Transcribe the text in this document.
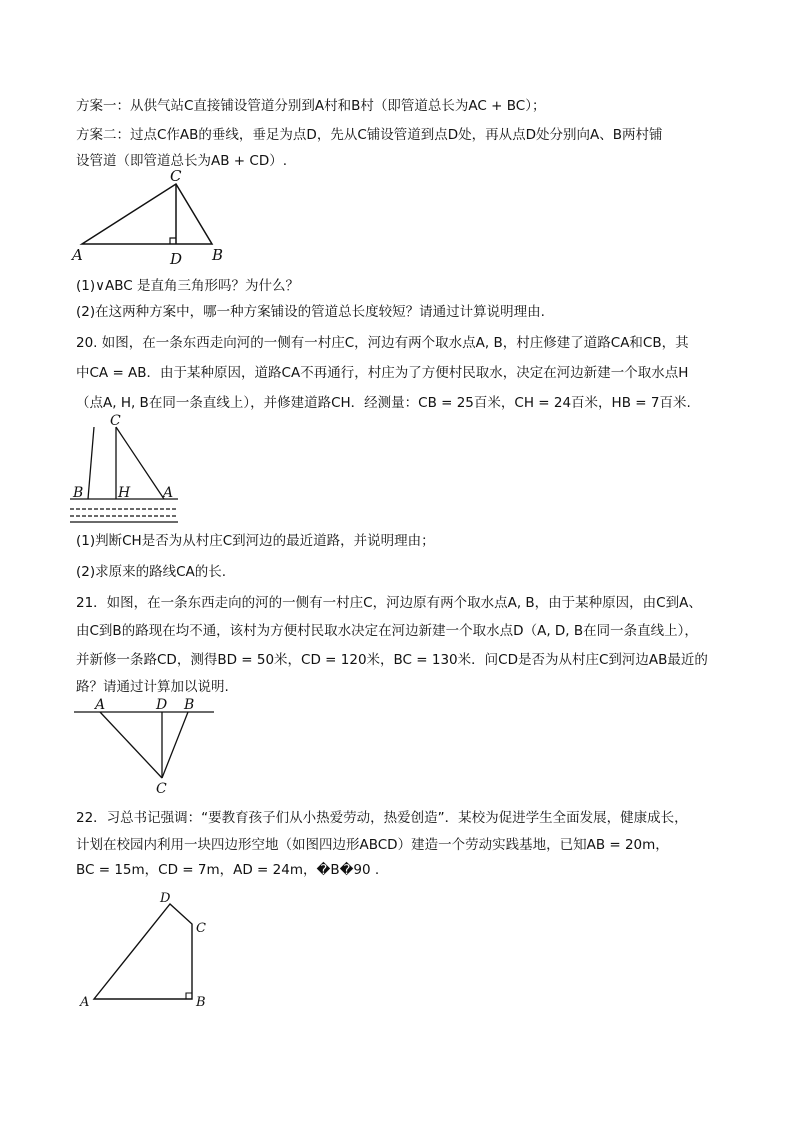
方案一：从供气站C直接铺设管道分别到A村和B村（即管道总长为AC + BC）；
方案二：过点C作AB的垂线，垂足为点D，先从C铺设管道到点D处，再从点D处分别向A、B两村铺
设管道（即管道总长为AB + CD）.
C
A	D B
(1)∨ABC 是直角三角形吗？为什么？
(2)在这两种方案中，哪一种方案铺设的管道总长度较短？请通过计算说明理由.
20. 如图，在一条东西走向河的一侧有一村庄C，河边有两个取水点A, B，村庄修建了道路CA和CB，其
中CA = AB．由于某种原因，道路CA不再通行，村庄为了方便村民取水，决定在河边新建一个取水点H
（点A, H, B在同一条直线上），并修建道路CH．经测量：CB = 25百米，CH = 24百米，HB = 7百米.
C
B H A
(1)判断CH是否为从村庄C到河边的最近道路，并说明理由；
(2)求原来的路线CA的长.
21．如图，在一条东西走向的河的一侧有一村庄C，河边原有两个取水点A, B，由于某种原因，由C到A、
由C到B的路现在均不通，该村为方便村民取水决定在河边新建一个取水点D（A, D, B在同一条直线上），
并新修一条路CD，测得BD = 50米，CD = 120米，BC = 130米．问CD是否为从村庄C到河边AB最近的
路？请通过计算加以说明.
A	D B
C
22．习总书记强调：“要教育孩子们从小热爱劳动，热爱创造”．某校为促进学生全面发展，健康成长，
计划在校园内利用一块四边形空地（如图四边形ABCD）建造一个劳动实践基地，已知AB = 20m，
BC = 15m，CD = 7m，AD = 24m，�B�90 .
D
C
A	B
